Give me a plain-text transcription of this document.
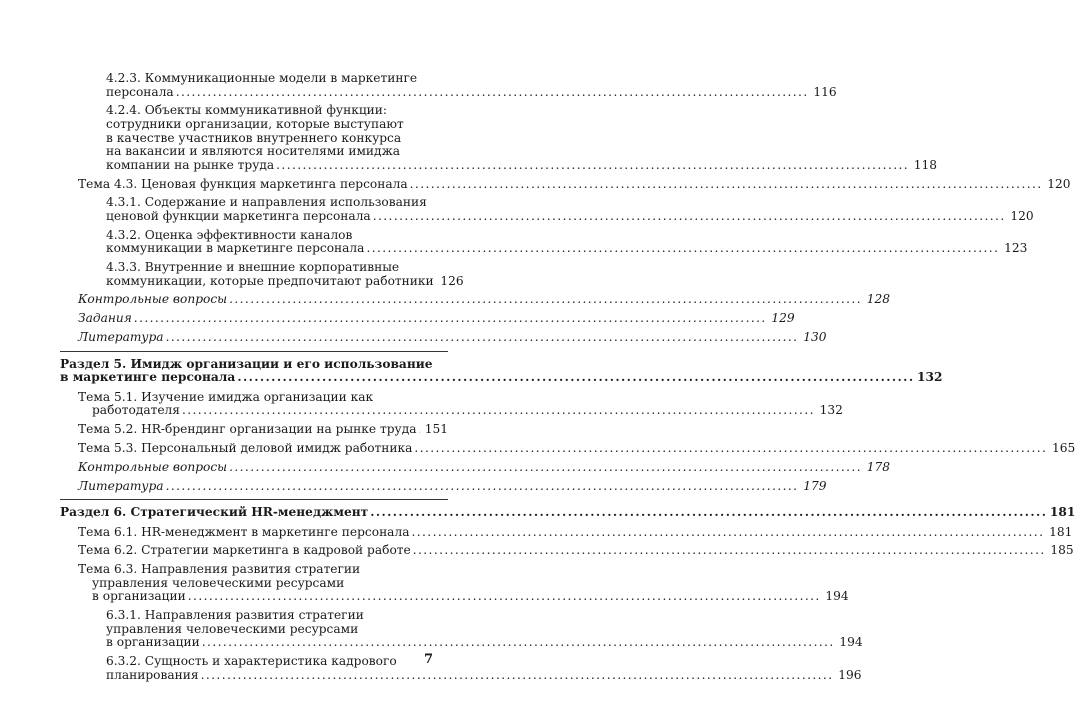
4.2.3. Коммуникационные модели в маркетинге
персонала ........................................................................................................................ 116
4.2.4. Объекты коммуникативной функции:
сотрудники организации, которые выступают
в качестве участников внутреннего конкурса
на вакансии и являются носителями имиджа
компании на рынке труда ........................................................................................................................ 118
Тема 4.3. Ценовая функция маркетинга персонала ........................................................................................................................ 120
4.3.1. Содержание и направления использования
ценовой функции маркетинга персонала ........................................................................................................................ 120
4.3.2. Оценка эффективности каналов
коммуникации в маркетинге персонала ........................................................................................................................ 123
4.3.3. Внутренние и внешние корпоративные
коммуникации, которые предпочитают работники 126
Контрольные вопросы ........................................................................................................................ 128
Задания ........................................................................................................................ 129
Литература ........................................................................................................................ 130
Раздел 5. Имидж организации и его использование
в маркетинге персонала ........................................................................................................................ 132
Тема 5.1. Изучение имиджа организации как
работодателя ........................................................................................................................ 132
Тема 5.2. HR-брендинг организации на рынке труда 151
Тема 5.3. Персональный деловой имидж работника ........................................................................................................................ 165
Контрольные вопросы ........................................................................................................................ 178
Литература ........................................................................................................................ 179
Раздел 6. Стратегический HR-менеджмент ........................................................................................................................ 181
Тема 6.1. HR-менеджмент в маркетинге персонала ........................................................................................................................ 181
Тема 6.2. Стратегии маркетинга в кадровой работе ........................................................................................................................ 185
Тема 6.3. Направления развития стратегии
управления человеческими ресурсами
в организации ........................................................................................................................ 194
6.3.1. Направления развития стратегии
управления человеческими ресурсами
в организации ........................................................................................................................ 194
6.3.2. Сущность и характеристика кадрового
планирования ........................................................................................................................ 196
7
